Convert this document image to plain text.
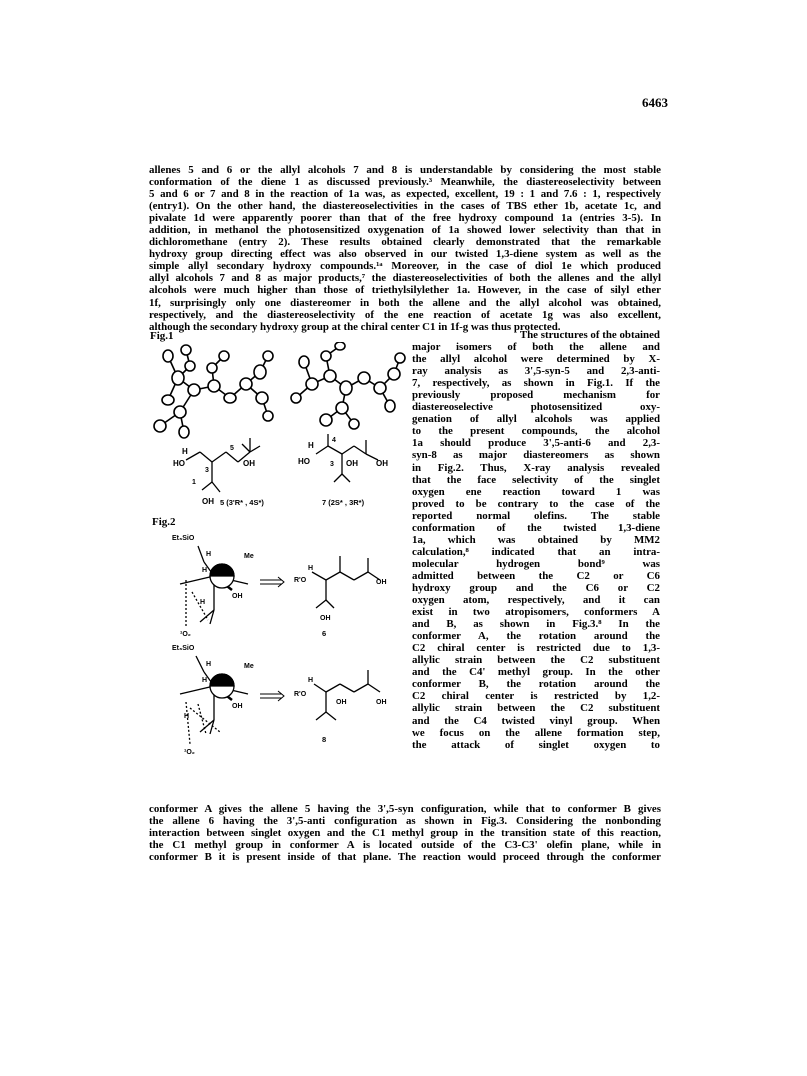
6463
allenes 5 and 6 or the allyl alcohols 7 and 8 is understandable by considering the most stable
conformation of the diene 1 as discussed previously.³ Meanwhile, the diastereoselectivity between
5 and 6 or 7 and 8 in the reaction of 1a was, as expected, excellent, 19 : 1 and 7.6 : 1, respectively
(entry1). On the other hand, the diastereoselectivities in the cases of TBS ether 1b, acetate 1c, and
pivalate 1d were apparently poorer than that of the free hydroxy compound 1a (entries 3-5). In
addition, in methanol the photosensitized oxygenation of 1a showed lower selectivity than that in
dichloromethane (entry 2). These results obtained clearly demonstrated that the remarkable
hydroxy group directing effect was also observed in our twisted 1,3-diene system as well as the
simple allyl secondary hydroxy compounds.¹ᵃ Moreover, in the case of diol 1e which produced
allyl alcohols 7 and 8 as major products,⁷ the diastereoselectivities of both the allenes and the allyl
alcohols were much higher than those of triethylsilylether 1a. However, in the case of silyl ether
1f, surprisingly only one diastereomer in both the allene and the allyl alcohol was obtained,
respectively, and the diastereoselectivity of the ene reaction of acetate 1g was also excellent,
although the secondary hydroxy group at the chiral center C1 in 1f-g was thus protected.
Fig.1
H
HO
3
5
OH
1
OH 5 (3'R* , 4S*)
H
4
HO	3 OH OH
7 (2S* , 3R*)
Fig.2
Et₃SiO
H	Me
H
OH
H
¹O₂
H
R'O	OH
OH
6
Et₃SiO
H	Me
H
OH
H
¹O₂
H
R'O
OH	OH
8
The structures of the obtained
major isomers of both the allene and
the allyl alcohol were determined by X-
ray analysis as 3',5-syn-5 and 2,3-anti-
7, respectively, as shown in Fig.1. If the
previously proposed mechanism for
diastereoselective photosensitized oxy-
genation of allyl alcohols was applied
to the present compounds, the alcohol
1a should produce 3',5-anti-6 and 2,3-
syn-8 as major diastereomers as shown
in Fig.2. Thus, X-ray analysis revealed
that the face selectivity of the singlet
oxygen ene reaction toward 1 was
proved to be contrary to the case of the
reported normal olefins. The stable
conformation of the twisted 1,3-diene
1a, which was obtained by MM2
calculation,⁸ indicated that an intra-
molecular hydrogen bond⁹ was
admitted between the C2 or C6
hydroxy group and the C6 or C2
oxygen atom, respectively, and it can
exist in two atropisomers, conformers A
and B, as shown in Fig.3.⁸ In the
conformer A, the rotation around the
C2 chiral center is restricted due to 1,3-
allylic strain between the C2 substituent
and the C4' methyl group. In the other
conformer B, the rotation around the
C2 chiral center is restricted by 1,2-
allylic strain between the C2 substituent
and the C4 twisted vinyl group. When
we focus on the allene formation step,
the attack of singlet oxygen to
conformer A gives the allene 5 having the 3',5-syn configuration, while that to conformer B gives
the allene 6 having the 3',5-anti configuration as shown in Fig.3. Considering the nonbonding
interaction between singlet oxygen and the C1 methyl group in the transition state of this reaction,
the C1 methyl group in conformer A is located outside of the C3-C3' olefin plane, while in
conformer B it is present inside of that plane. The reaction would proceed through the conformer
